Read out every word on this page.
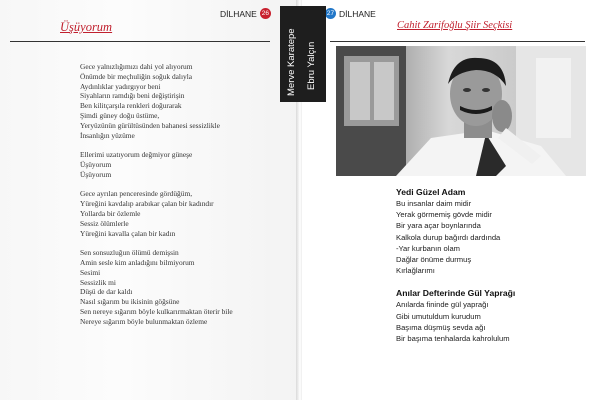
DİLHANE 26	27 DİLHANE
Üşüyorum
Gece yalnızlığımızı dahi yol alıyorum
Önümde bir meçhuliğin soğuk dalıyla
Aydınlıklar yadırgıyor beni
Siyahların ramdığı beni değiştirişin
Ben kilitçarşıla renkleri doğurarak
Şimdi güney doğu üstüme,
Yeryüzünün gürültüsünden bahanesi sessizlikle
İnsanlığın yüzüme
Ellerimi uzatıyorum değmiyor güneşe
Üşüyorum
Üşüyorum
Gece ayrılan penceresinde gördüğüm,
Yüreğini kavdalıp arabıkar çalan bir kadındır
Yollarda bir özlemle
Sessiz ölümlerle
Yüreğini kavalla çalan bir kadın
Sen sonsuzluğun ölümü demişsin
Amin sesle kim anladığını bilmiyorum
Sesimi
Sessizlik mi
Düşü de dar kaldı
Nasıl sığarım bu ikisinin göğsüne
Sen nereye sığarım böyle kulkarırmaktan öterir bile
Nereye sığarım böyle bulunmaktan özleme
Merve Karatepe Ebru Yalçın
Cahit Zarifoğlu Şiir Seçkisi
Yedi Güzel Adam
Bu insanlar daim midir
Yerak görmemiş gövde midir
Bir yara açar boynlarında
Kalkola durup bağırdı dardında
-Yar kurbanın olam
Dağlar önüme durmuş
Kırlağlarımı
Anılar Defterinde Gül Yaprağı
Anılarda fininde gül yaprağı
Gibi umutuldum kurudum
Başıma düşmüş sevda ağı
Bir başıma tenhalarda kahrolulum
